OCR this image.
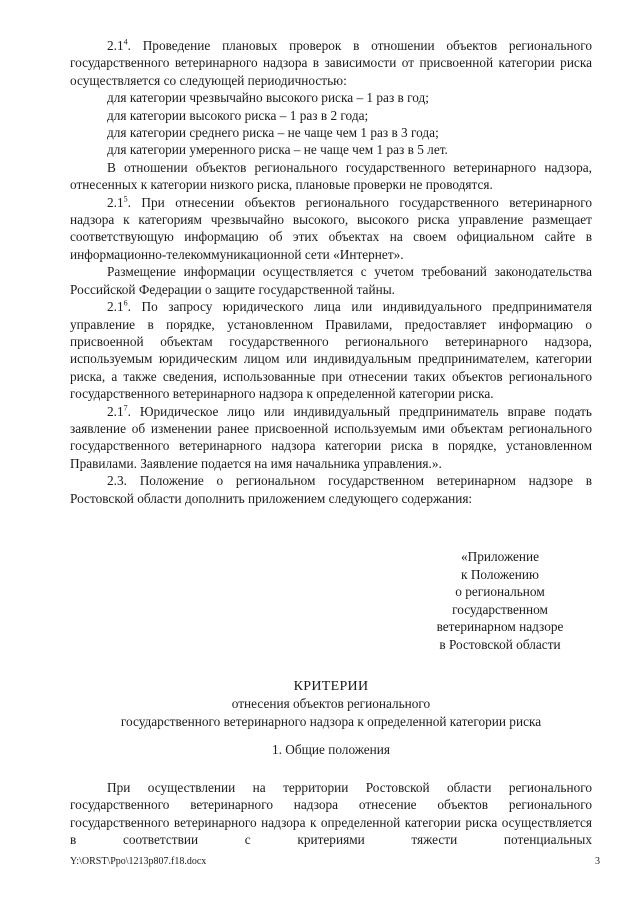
$2.1^4$. Проведение плановых проверок в отношении объектов регионального государственного ветеринарного надзора в зависимости от присвоенной категории риска осуществляется со следующей периодичностью:

для категории чрезвычайно высокого риска – 1 раз в год;
для категории высокого риска – 1 раз в 2 года;
для категории среднего риска – не чаще чем 1 раз в 3 года;
для категории умеренного риска – не чаще чем 1 раз в 5 лет.

В отношении объектов регионального государственного ветеринарного надзора, отнесенных к категории низкого риска, плановые проверки не проводятся.

$2.1^5$. При отнесении объектов регионального государственного ветеринарного надзора к категориям чрезвычайно высокого, высокого риска управление размещает соответствующую информацию об этих объектах на своем официальном сайте в информационно-телекоммуникационной сети «Интернет».

Размещение информации осуществляется с учетом требований законодательства Российской Федерации о защите государственной тайны.

$2.1^6$. По запросу юридического лица или индивидуального предпринимателя управление в порядке, установленном Правилами, предоставляет информацию о присвоенной объектам государственного регионального ветеринарного надзора, используемым юридическим лицом или индивидуальным предпринимателем, категории риска, а также сведения, использованные при отнесении таких объектов регионального государственного ветеринарного надзора к определенной категории риска.

$2.1^7$. Юридическое лицо или индивидуальный предприниматель вправе подать заявление об изменении ранее присвоенной используемым ими объектам регионального государственного ветеринарного надзора категории риска в порядке, установленном Правилами. Заявление подается на имя начальника управления.».

2.3. Положение о региональном государственном ветеринарном надзоре в Ростовской области дополнить приложением следующего содержания:

«Приложение
к Положению
о региональном
государственном
ветеринарном надзоре
в Ростовской области
КРИТЕРИИ
отнесения объектов регионального
государственного ветеринарного надзора к определенной категории риска
1. Общие положения

При осуществлении на территории Ростовской области регионального государственного ветеринарного надзора отнесение объектов регионального государственного ветеринарного надзора к определенной категории риска осуществляется в соответствии с критериями тяжести потенциальных

Y:\ORST\Ppo\1213p807.f18.docx	3
